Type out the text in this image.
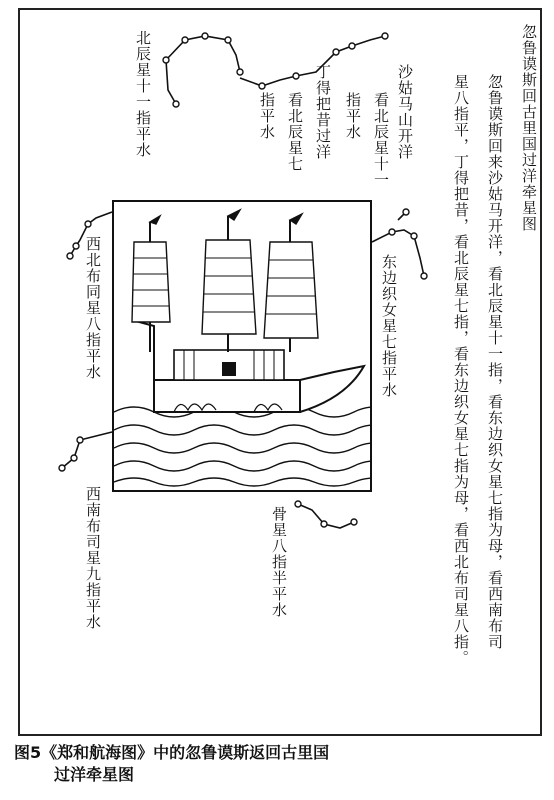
忽鲁谟斯回古里国过洋牵星图
忽鲁谟斯回来沙姑马开洋，看北辰星十一指，看东边织女星七指为母，看西南布司
星八指平，丁得把昔，看北辰星七指，看东边织女星七指为母，看西北布司星八指。
北辰星十一指平水	沙姑马山开洋
看北辰星十一
指平水
丁得把昔过洋
看北辰星七
指平水
东边织女星七指平水
西北布同星八指平水
西南布司星九指平水	骨星八指半平水
图5《郑和航海图》中的忽鲁谟斯返回古里国
过洋牵星图
